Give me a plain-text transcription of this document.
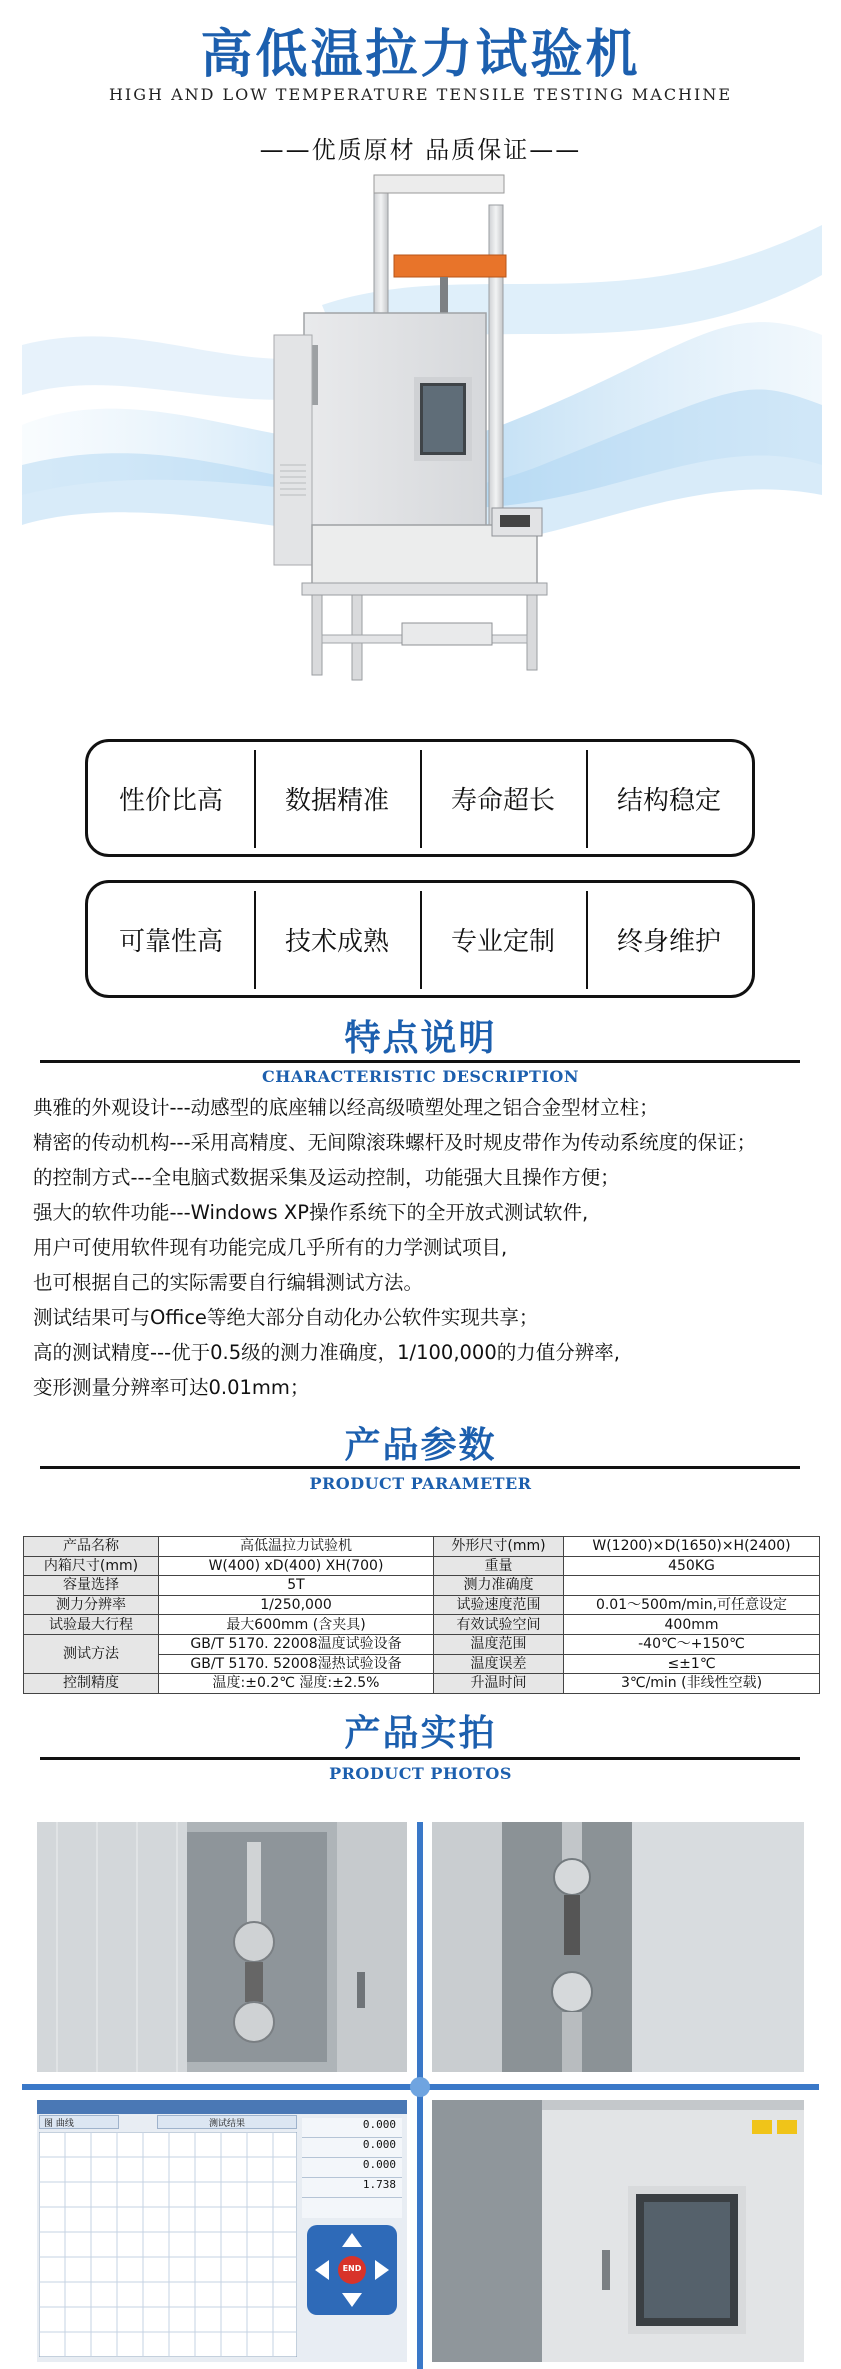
高低温拉力试验机
HIGH AND LOW TEMPERATURE TENSILE TESTING MACHINE
——优质原材 品质保证——
性价比高	数据精准	寿命超长	结构稳定
可靠性高	技术成熟	专业定制	终身维护
特点说明
CHARACTERISTIC DESCRIPTION
典雅的外观设计---动感型的底座辅以经高级喷塑处理之铝合金型材立柱；
精密的传动机构---采用高精度、无间隙滚珠螺杆及时规皮带作为传动系统度的保证；
的控制方式---全电脑式数据采集及运动控制，功能强大且操作方便；
强大的软件功能---Windows XP操作系统下的全开放式测试软件,
用户可使用软件现有功能完成几乎所有的力学测试项目,
也可根据自己的实际需要自行编辑测试方法。
测试结果可与Office等绝大部分自动化办公软件实现共享；
高的测试精度---优于0.5级的测力准确度，1/100,000的力值分辨率,
变形测量分辨率可达0.01mm；
产品参数
PRODUCT PARAMETER
产品名称	高低温拉力试验机	外形尺寸(mm)	W(1200)×D(1650)×H(2400)
内箱尺寸(mm)	W(400) xD(400) XH(700)	重量	450KG
容量选择	5T	测力准确度	
测力分辨率	1/250,000	试验速度范围	0.01～500m/min,可任意设定
试验最大行程	最大600mm (含夹具)	有效试验空间	400mm
测试方法	GB/T 5170. 22008温度试验设备	温度范围	-40℃～+150℃
	GB/T 5170. 52008湿热试验设备	温度误差	≤±1℃
控制精度	温度:±0.2℃ 湿度:±2.5%	升温时间	3℃/min (非线性空载)
产品实拍
PRODUCT PHOTOS
图 曲线	测试结果	0.000
0.000
0.000
1.738
END
